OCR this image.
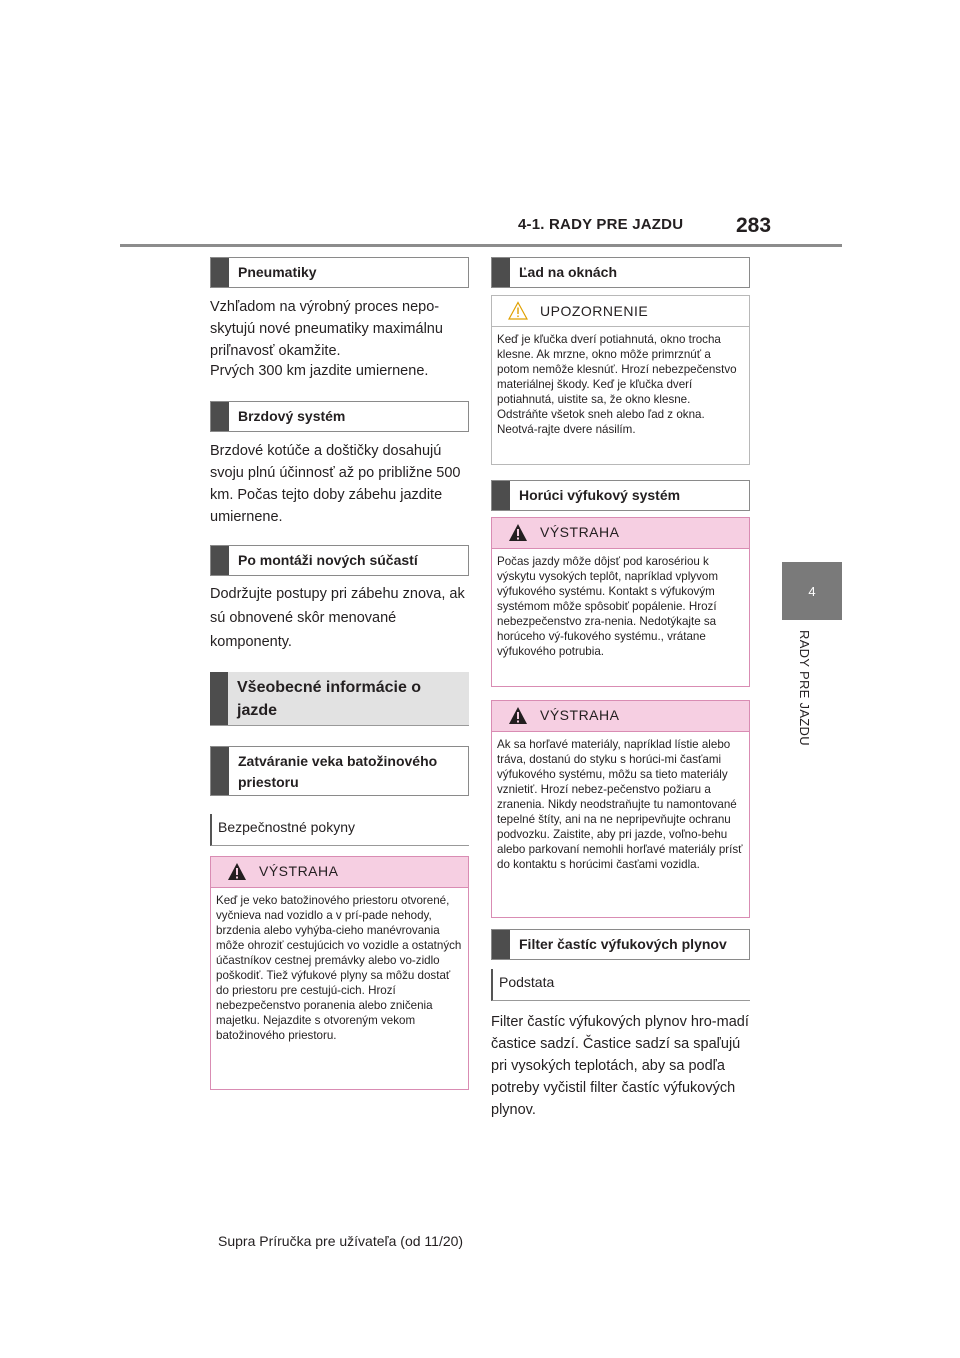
4-1. RADY PRE JAZDU	283
4
RADY PRE JAZDU
Pneumatiky
Vzhľadom na výrobný proces nepo-skytujú nové pneumatiky maximálnu priľnavosť okamžite.
Prvých 300 km jazdite umiernene.
Brzdový systém
Brzdové kotúče a doštičky dosahujú svoju plnú účinnosť až po približne 500 km. Počas tejto doby zábehu jazdite umiernene.
Po montáži nových súčastí
Dodržujte postupy pri zábehu znova, ak sú obnovené skôr menované komponenty.
Všeobecné informácie o jazde
Zatváranie veka batožinového priestoru
Bezpečnostné pokyny
VÝSTRAHA
Keď je veko batožinového priestoru otvorené, vyčnieva nad vozidlo a v prí-pade nehody, brzdenia alebo vyhýba-cieho manévrovania môže ohroziť cestujúcich vo vozidle a ostatných účastníkov cestnej premávky alebo vo-zidlo poškodiť. Tiež výfukové plyny sa môžu dostať do priestoru pre cestujú-cich. Hrozí nebezpečenstvo poranenia alebo zničenia majetku. Nejazdite s otvoreným vekom batožinového priestoru.
Ľad na oknách
UPOZORNENIE
Keď je kľučka dverí potiahnutá, okno trocha klesne. Ak mrzne, okno môže primrznúť a potom nemôže klesnúť. Hrozí nebezpečenstvo materiálnej škody. Keď je kľučka dverí potiahnutá, uistite sa, že okno klesne. Odstráňte všetok sneh alebo ľad z okna. Neotvá-rajte dvere násilím.
Horúci výfukový systém
VÝSTRAHA
Počas jazdy môže dôjsť pod karosériou k výskytu vysokých teplôt, napríklad vplyvom výfukového systému. Kontakt s výfukovým systémom môže spôsobiť popálenie. Hrozí nebezpečenstvo zra-nenia. Nedotýkajte sa horúceho vý-fukového systému., vrátane výfukového potrubia.
VÝSTRAHA
Ak sa horľavé materiály, napríklad lístie alebo tráva, dostanú do styku s horúci-mi časťami výfukového systému, môžu sa tieto materiály vznietiť. Hrozí nebez-pečenstvo požiaru a zranenia. Nikdy neodstraňujte tu namontované tepelné štíty, ani na ne nepripevňujte ochranu podvozku. Zaistite, aby pri jazde, voľno-behu alebo parkovaní nemohli horľavé materiály prísť do kontaktu s horúcimi časťami vozidla.
Filter častíc výfukových plynov
Podstata
Filter častíc výfukových plynov hro-madí častice sadzí. Častice sadzí sa spaľujú pri vysokých teplotách, aby sa podľa potreby vyčistil filter častíc výfukových plynov.
Supra Príručka pre užívateľa (od 11/20)
